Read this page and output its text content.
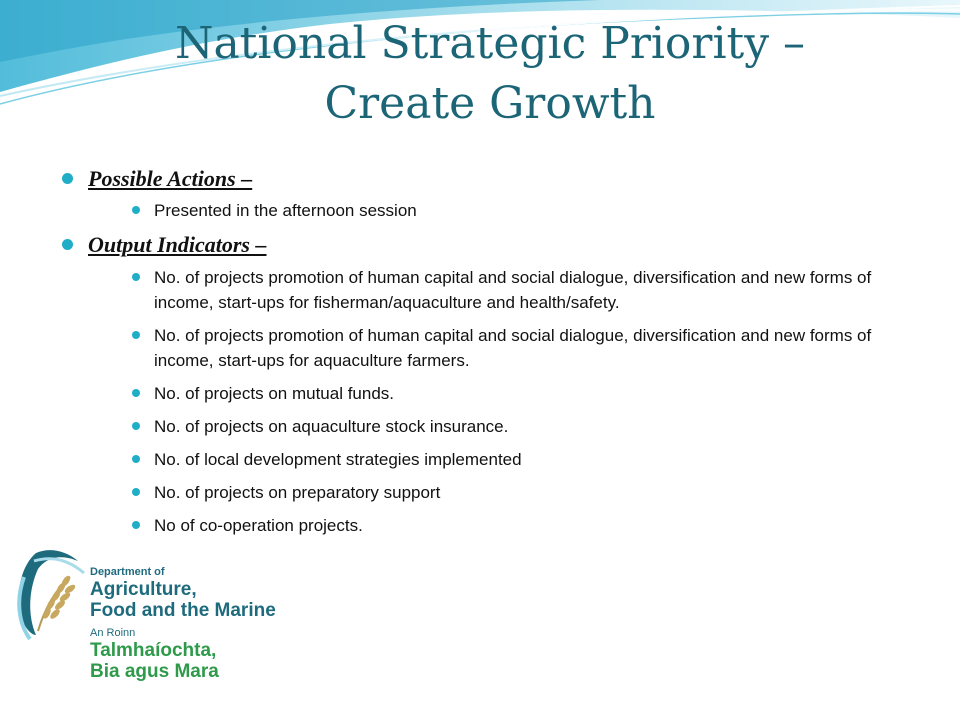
National Strategic Priority –
Create Growth
Possible Actions –
Presented in the afternoon session
Output Indicators –
No. of projects promotion of human capital and social dialogue, diversification and new forms of income, start-ups for fisherman/aquaculture and health/safety.
No. of projects promotion of human capital and social dialogue, diversification and new forms of income, start-ups for aquaculture farmers.
No. of projects on mutual funds.
No. of projects on aquaculture stock insurance.
No. of local development strategies implemented
No. of projects on preparatory support
No of co-operation projects.
Department of
Agriculture,
Food and the Marine
An Roinn
Talmhaíochta,
Bia agus Mara
